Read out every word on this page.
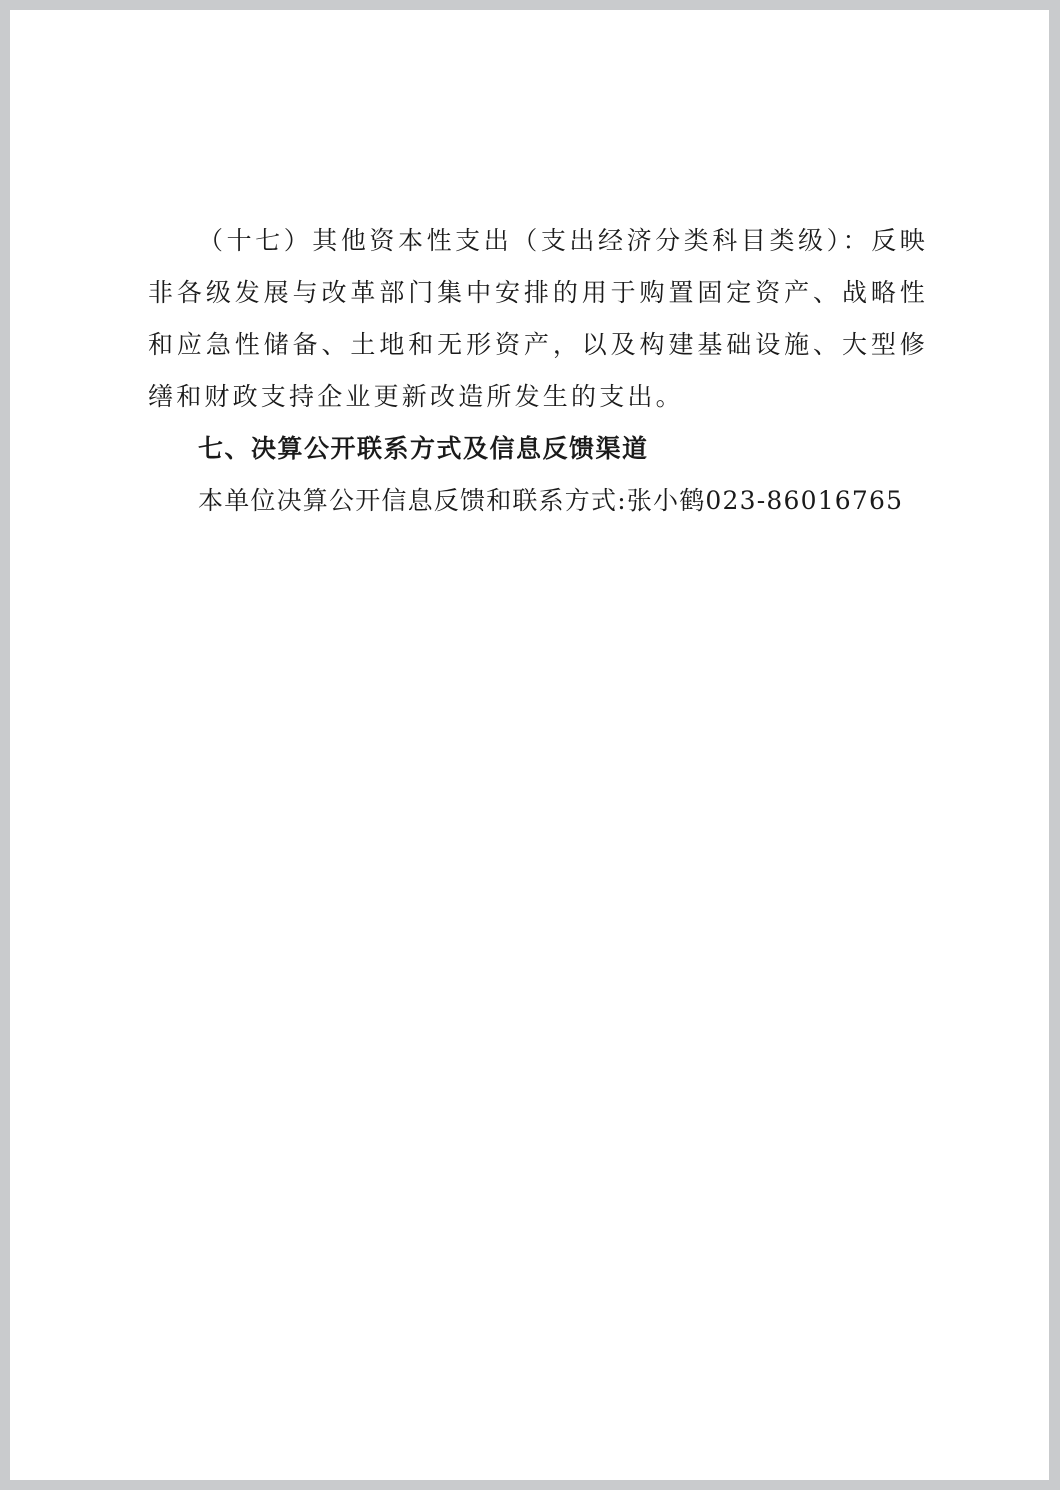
（十七）其他资本性支出（支出经济分类科目类级）：反映非各级发展与改革部门集中安排的用于购置固定资产、战略性和应急性储备、土地和无形资产，以及构建基础设施、大型修缮和财政支持企业更新改造所发生的支出。

七、决算公开联系方式及信息反馈渠道

本单位决算公开信息反馈和联系方式:张小鹤023-86016765
